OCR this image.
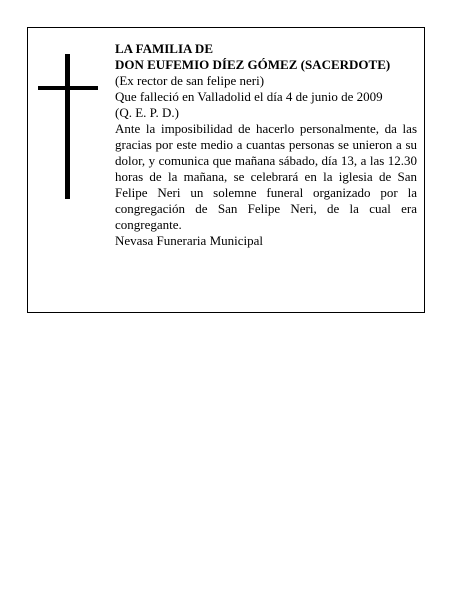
LA FAMILIA DE

DON EUFEMIO DÍEZ GÓMEZ (SACERDOTE)

(Ex rector de san felipe neri)

Que falleció en Valladolid el día 4 de junio de 2009

(Q. E. P. D.)

Ante la imposibilidad de hacerlo personalmente, da las gracias por este medio a cuantas personas se unieron a su dolor, y comunica que mañana sábado, día 13, a las 12.30 horas de la mañana, se celebrará en la iglesia de San Felipe Neri un solemne funeral organizado por la congregación de San Felipe Neri, de la cual era congregante.

Nevasa Funeraria Municipal
